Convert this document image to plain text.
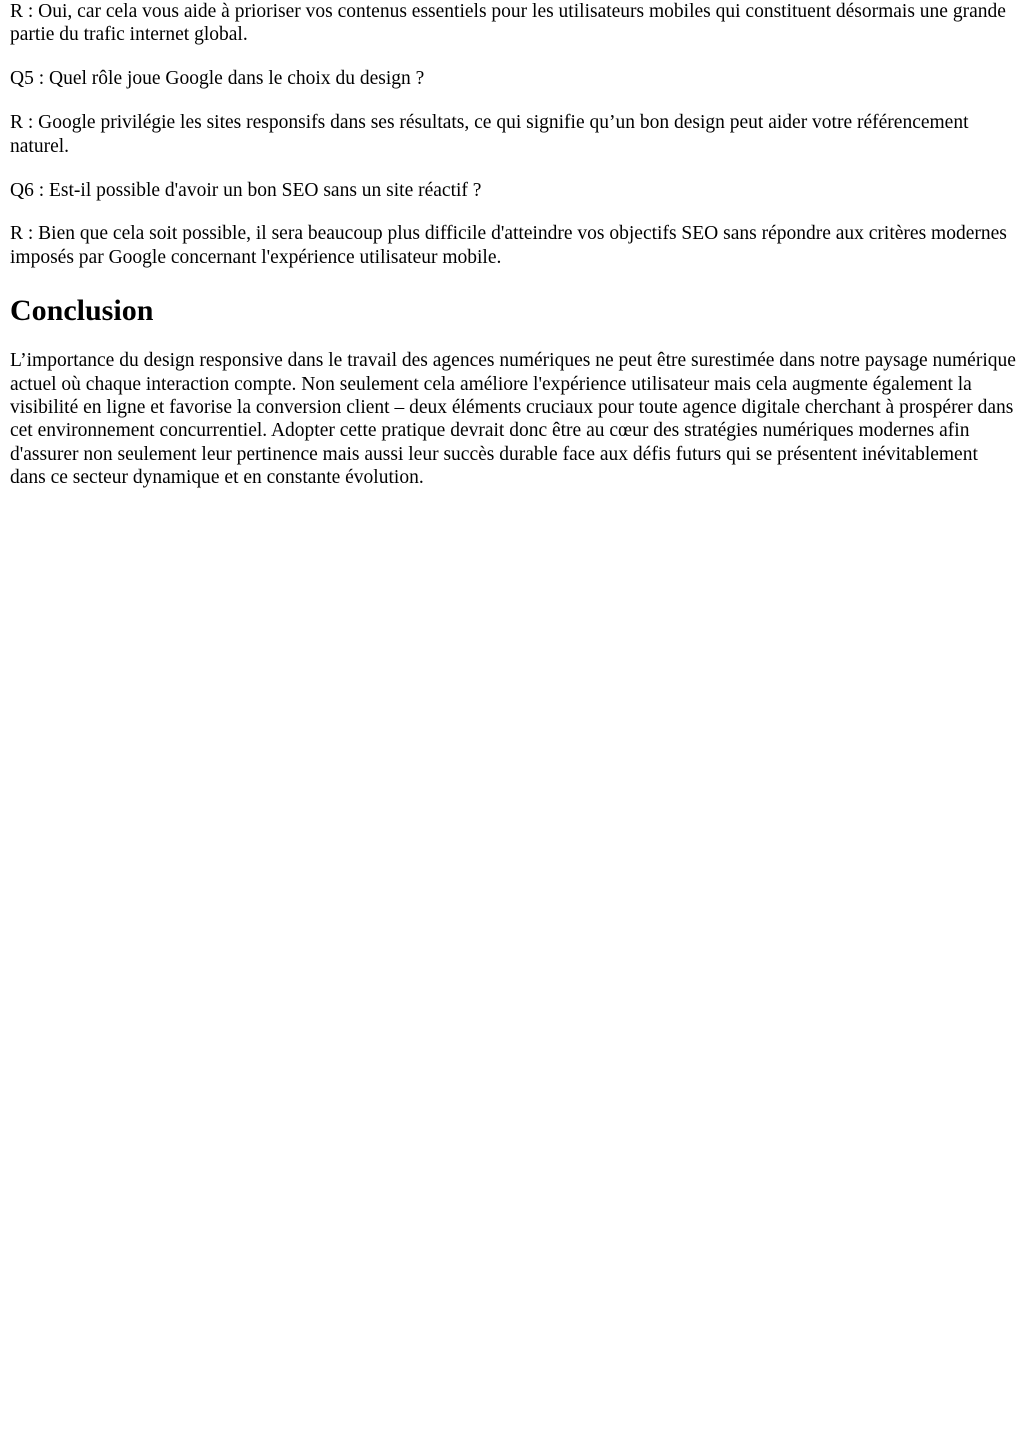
R : Oui, car cela vous aide à prioriser vos contenus essentiels pour les utilisateurs mobiles qui constituent désormais une grande partie du trafic internet global.

Q5 : Quel rôle joue Google dans le choix du design ?

R : Google privilégie les sites responsifs dans ses résultats, ce qui signifie qu’un bon design peut aider votre référencement naturel.

Q6 : Est-il possible d'avoir un bon SEO sans un site réactif ?

R : Bien que cela soit possible, il sera beaucoup plus difficile d'atteindre vos objectifs SEO sans répondre aux critères modernes imposés par Google concernant l'expérience utilisateur mobile.

Conclusion

L’importance du design responsive dans le travail des agences numériques ne peut être surestimée dans notre paysage numérique actuel où chaque interaction compte. Non seulement cela améliore l'expérience utilisateur mais cela augmente également la visibilité en ligne et favorise la conversion client – deux éléments cruciaux pour toute agence digitale cherchant à prospérer dans cet environnement concurrentiel. Adopter cette pratique devrait donc être au cœur des stratégies numériques modernes afin d'assurer non seulement leur pertinence mais aussi leur succès durable face aux défis futurs qui se présentent inévitablement dans ce secteur dynamique et en constante évolution.
